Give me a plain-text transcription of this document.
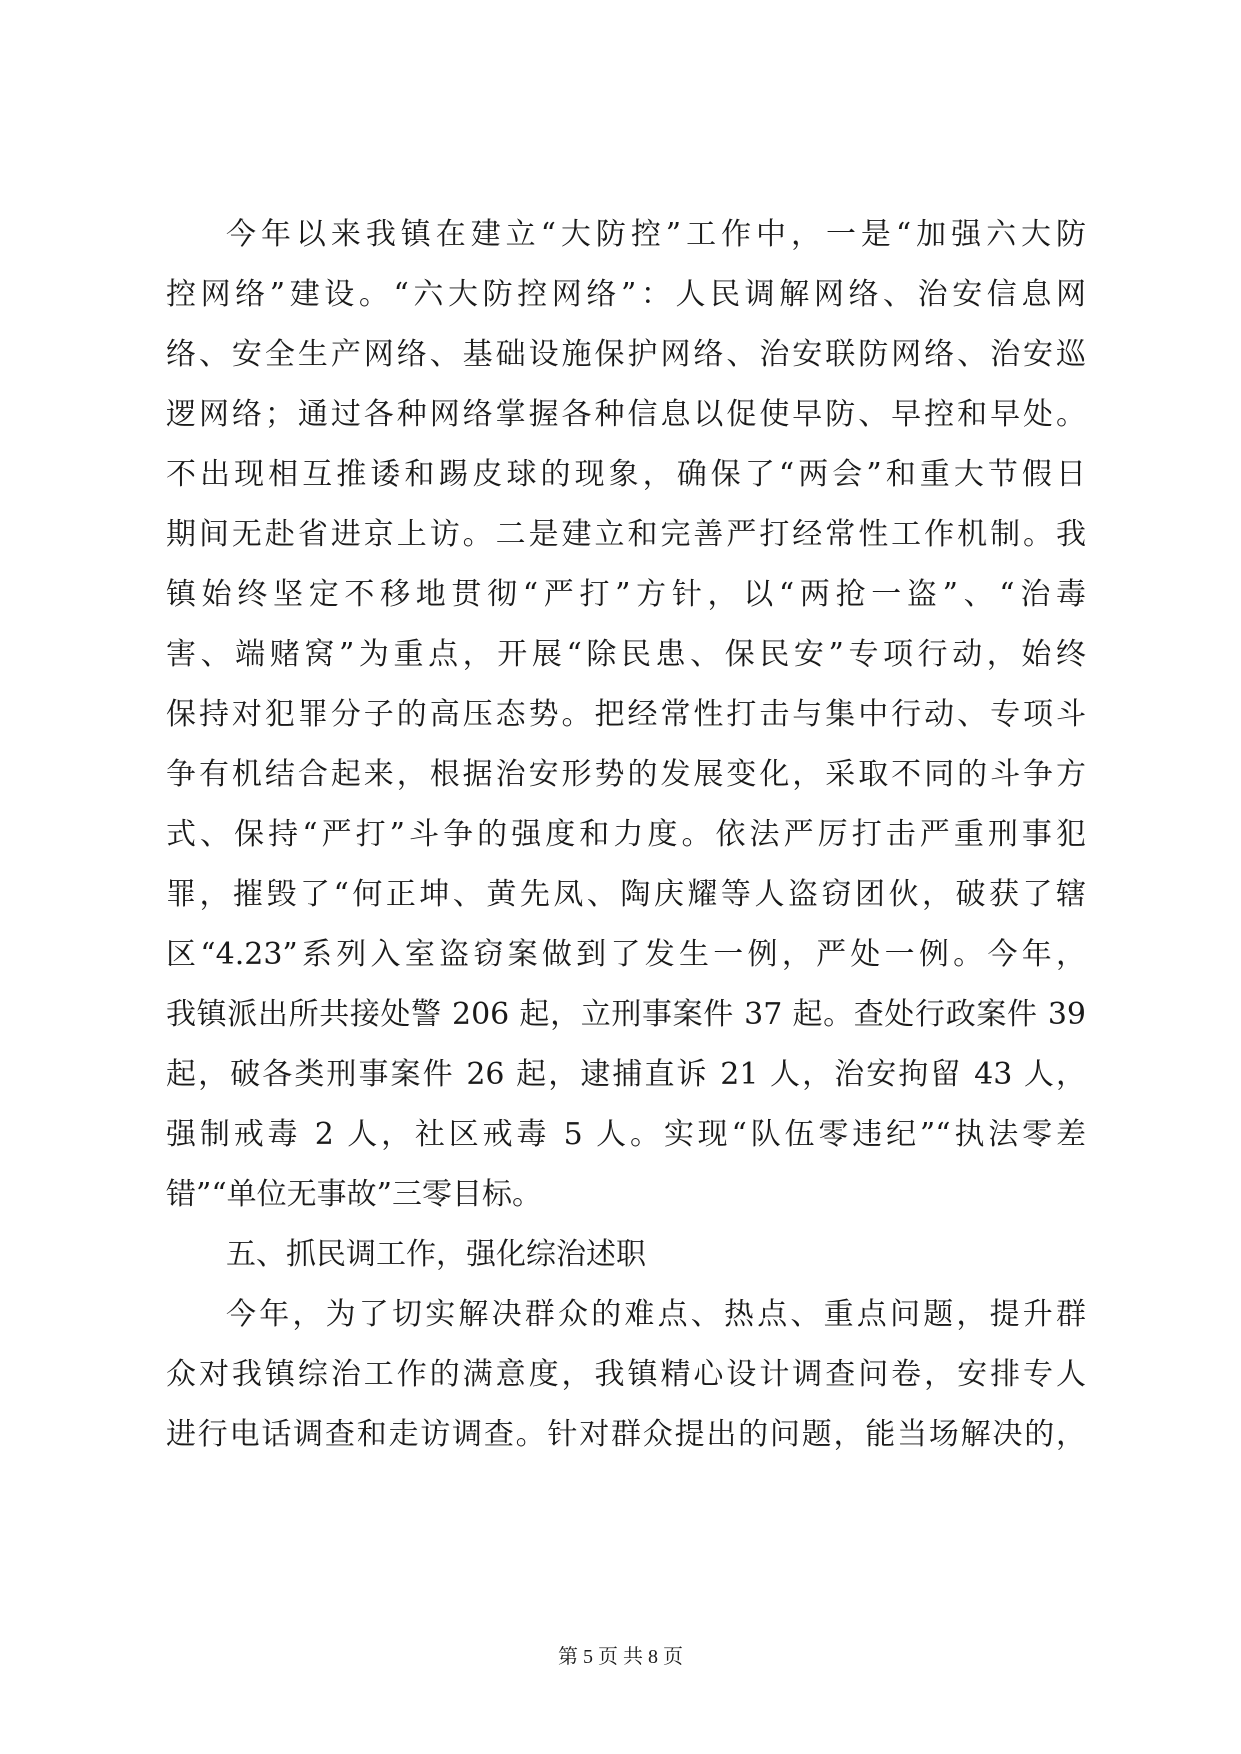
今年以来我镇在建立“大防控”工作中，一是“加强六大防
控网络”建设。“六大防控网络”：人民调解网络、治安信息网
络、安全生产网络、基础设施保护网络、治安联防网络、治安巡
逻网络；通过各种网络掌握各种信息以促使早防、早控和早处。
不出现相互推诿和踢皮球的现象，确保了“两会”和重大节假日
期间无赴省进京上访。二是建立和完善严打经常性工作机制。我
镇始终坚定不移地贯彻“严打”方针，以“两抢一盗”、“治毒
害、端赌窝”为重点，开展“除民患、保民安”专项行动，始终
保持对犯罪分子的高压态势。把经常性打击与集中行动、专项斗
争有机结合起来，根据治安形势的发展变化，采取不同的斗争方
式、保持“严打”斗争的强度和力度。依法严厉打击严重刑事犯
罪，摧毁了“何正坤、黄先凤、陶庆耀等人盗窃团伙，破获了辖
区“4.23”系列入室盗窃案做到了发生一例，严处一例。今年，
我镇派出所共接处警 206 起，立刑事案件 37 起。查处行政案件 39
起，破各类刑事案件 26 起，逮捕直诉 21 人，治安拘留 43 人，
强制戒毒 2 人，社区戒毒 5 人。实现“队伍零违纪”“执法零差
错”“单位无事故”三零目标。
五、抓民调工作，强化综治述职
今年，为了切实解决群众的难点、热点、重点问题，提升群
众对我镇综治工作的满意度，我镇精心设计调查问卷，安排专人
进行电话调查和走访调查。针对群众提出的问题，能当场解决的，
第 5 页 共 8 页
